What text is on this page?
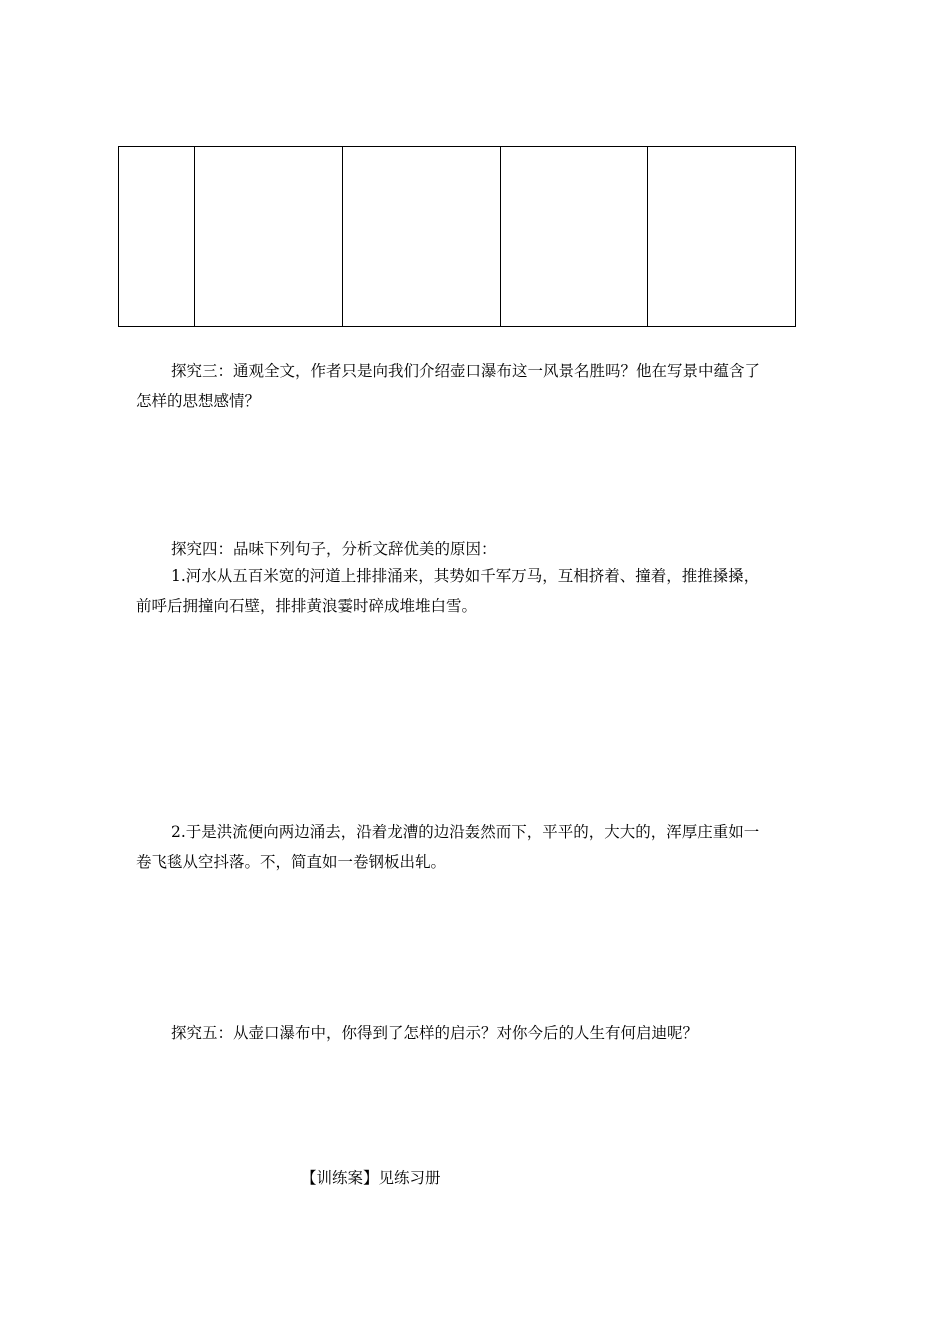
探究三：通观全文，作者只是向我们介绍壶口瀑布这一风景名胜吗？他在写景中蕴含了
怎样的思想感情？
探究四：品味下列句子，分析文辞优美的原因：
1.河水从五百米宽的河道上排排涌来，其势如千军万马，互相挤着、撞着，推推搡搡，
前呼后拥撞向石壁，排排黄浪霎时碎成堆堆白雪。
2.于是洪流便向两边涌去，沿着龙漕的边沿轰然而下，平平的，大大的，浑厚庄重如一
卷飞毯从空抖落。不，简直如一卷钢板出轧。
探究五：从壶口瀑布中，你得到了怎样的启示？对你今后的人生有何启迪呢？
【训练案】见练习册
